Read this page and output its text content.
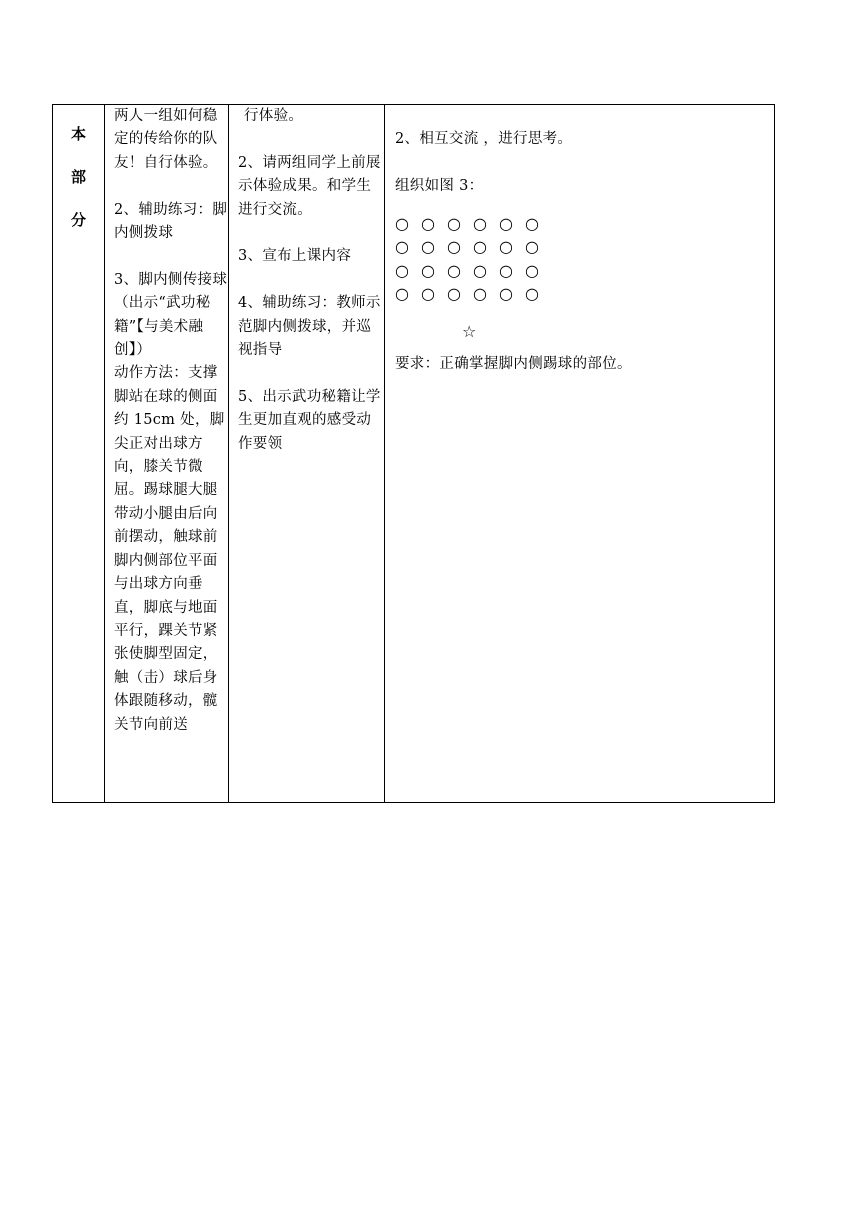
本
部
分

两人一组如何稳定的传给你的队友！自行体验。

2、辅助练习：脚内侧拨球

3、脚内侧传接球

（出示“武功秘籍”【与美术融创】）

动作方法：支撑脚站在球的侧面约 15cm 处，脚尖正对出球方向，膝关节微屈。踢球腿大腿带动小腿由后向前摆动，触球前脚内侧部位平面与出球方向垂直，脚底与地面平行，踝关节紧张使脚型固定，触（击）球后身体跟随移动，髋关节向前送

行体验。

2、请两组同学上前展示体验成果。和学生进行交流。

3、宣布上课内容

4、辅助练习：教师示范脚内侧拨球，并巡视指导

5、出示武功秘籍让学生更加直观的感受动作要领

2、相互交流 ，进行思考。

组织如图 3：

○ ○ ○ ○ ○ ○
○ ○ ○ ○ ○ ○
○ ○ ○ ○ ○ ○
○ ○ ○ ○ ○ ○
☆

要求：正确掌握脚内侧踢球的部位。
